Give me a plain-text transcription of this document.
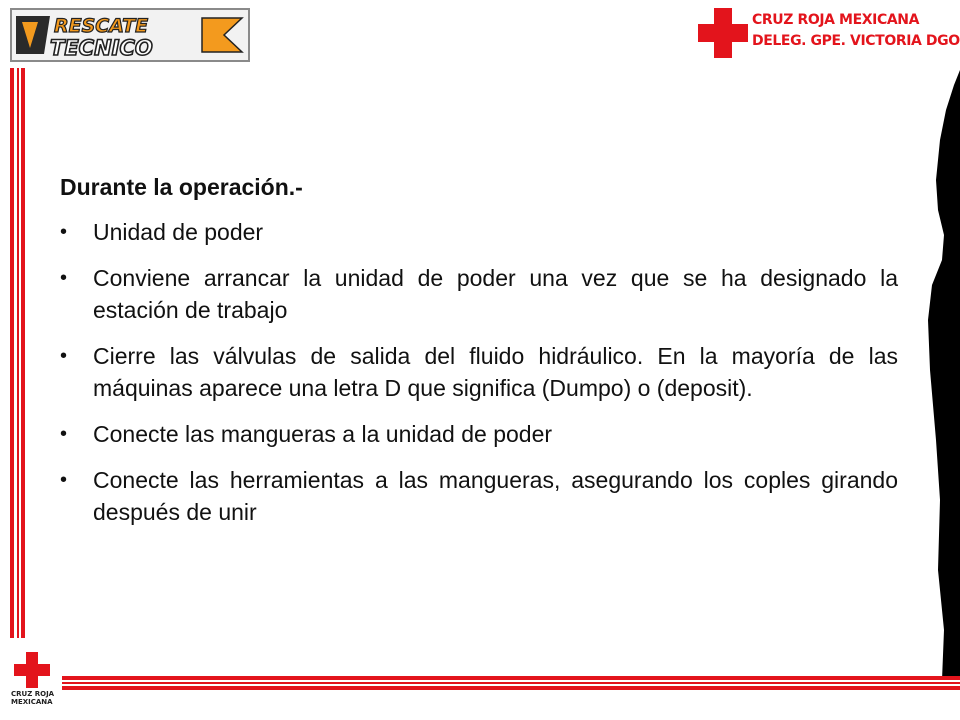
RESCATE
TECNICO
CRUZ ROJA MEXICANA
DELEG. GPE. VICTORIA DGO
Durante la operación.-
• Unidad de poder
• Conviene arrancar la unidad de poder una vez que se ha designado la estación de trabajo
• Cierre las válvulas de salida del fluido hidráulico. En la mayoría de las máquinas aparece una letra D que significa (Dumpo) o (deposit).
• Conecte las mangueras a la unidad de poder
• Conecte las herramientas a las mangueras, asegurando los coples girando después de unir
CRUZ ROJA
MEXICANA
